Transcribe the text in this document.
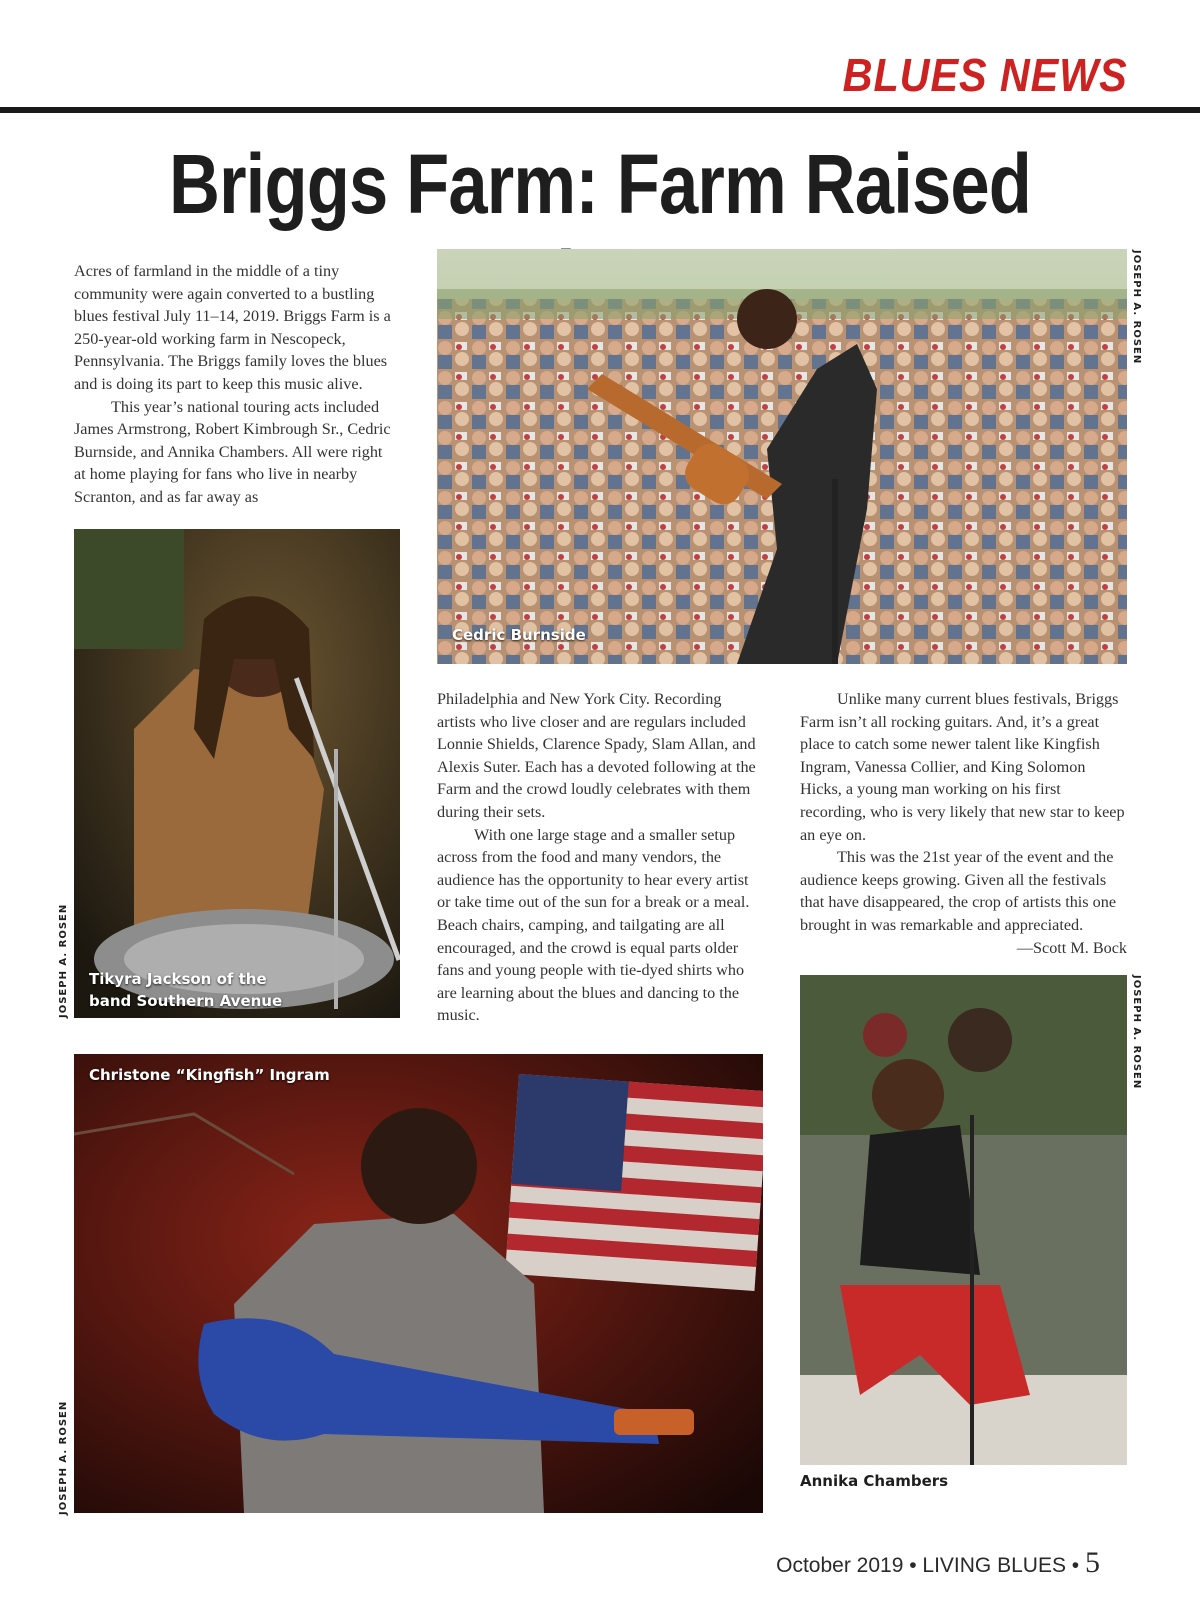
BLUES NEWS
Briggs Farm: Farm Raised

Acres of farmland in the middle of a tiny community were again converted to a bustling blues festival July 11–14, 2019. Briggs Farm is a 250-year-old working farm in Nescopeck, Pennsylvania. The Briggs family loves the blues and is doing its part to keep this music alive.

This year’s national touring acts included James Armstrong, Robert Kimbrough Sr., Cedric Burnside, and Annika Chambers. All were right at home playing for fans who live in nearby Scranton, and as far away as

Cedric Burnside
JOSEPH A. ROSEN
Tikyra Jackson of the
band Southern Avenue
JOSEPH A. ROSEN

Philadelphia and New York City. Recording artists who live closer and are regulars included Lonnie Shields, Clarence Spady, Slam Allan, and Alexis Suter. Each has a devoted following at the Farm and the crowd loudly celebrates with them during their sets.

With one large stage and a smaller setup across from the food and many vendors, the audience has the opportunity to hear every artist or take time out of the sun for a break or a meal. Beach chairs, camping, and tailgating are all encouraged, and the crowd is equal parts older fans and young people with tie-dyed shirts who are learning about the blues and dancing to the music.

Unlike many current blues festivals, Briggs Farm isn’t all rocking guitars. And, it’s a great place to catch some newer talent like Kingfish Ingram, Vanessa Collier, and King Solomon Hicks, a young man working on his first recording, who is very likely that new star to keep an eye on.

This was the 21st year of the event and the audience keeps growing. Given all the festivals that have disappeared, the crop of artists this one brought in was remarkable and appreciated.

—Scott M. Bock

Christone “Kingfish” Ingram
JOSEPH A. ROSEN	Annika Chambers
JOSEPH A. ROSEN
October 2019 • LIVING BLUES • 5
